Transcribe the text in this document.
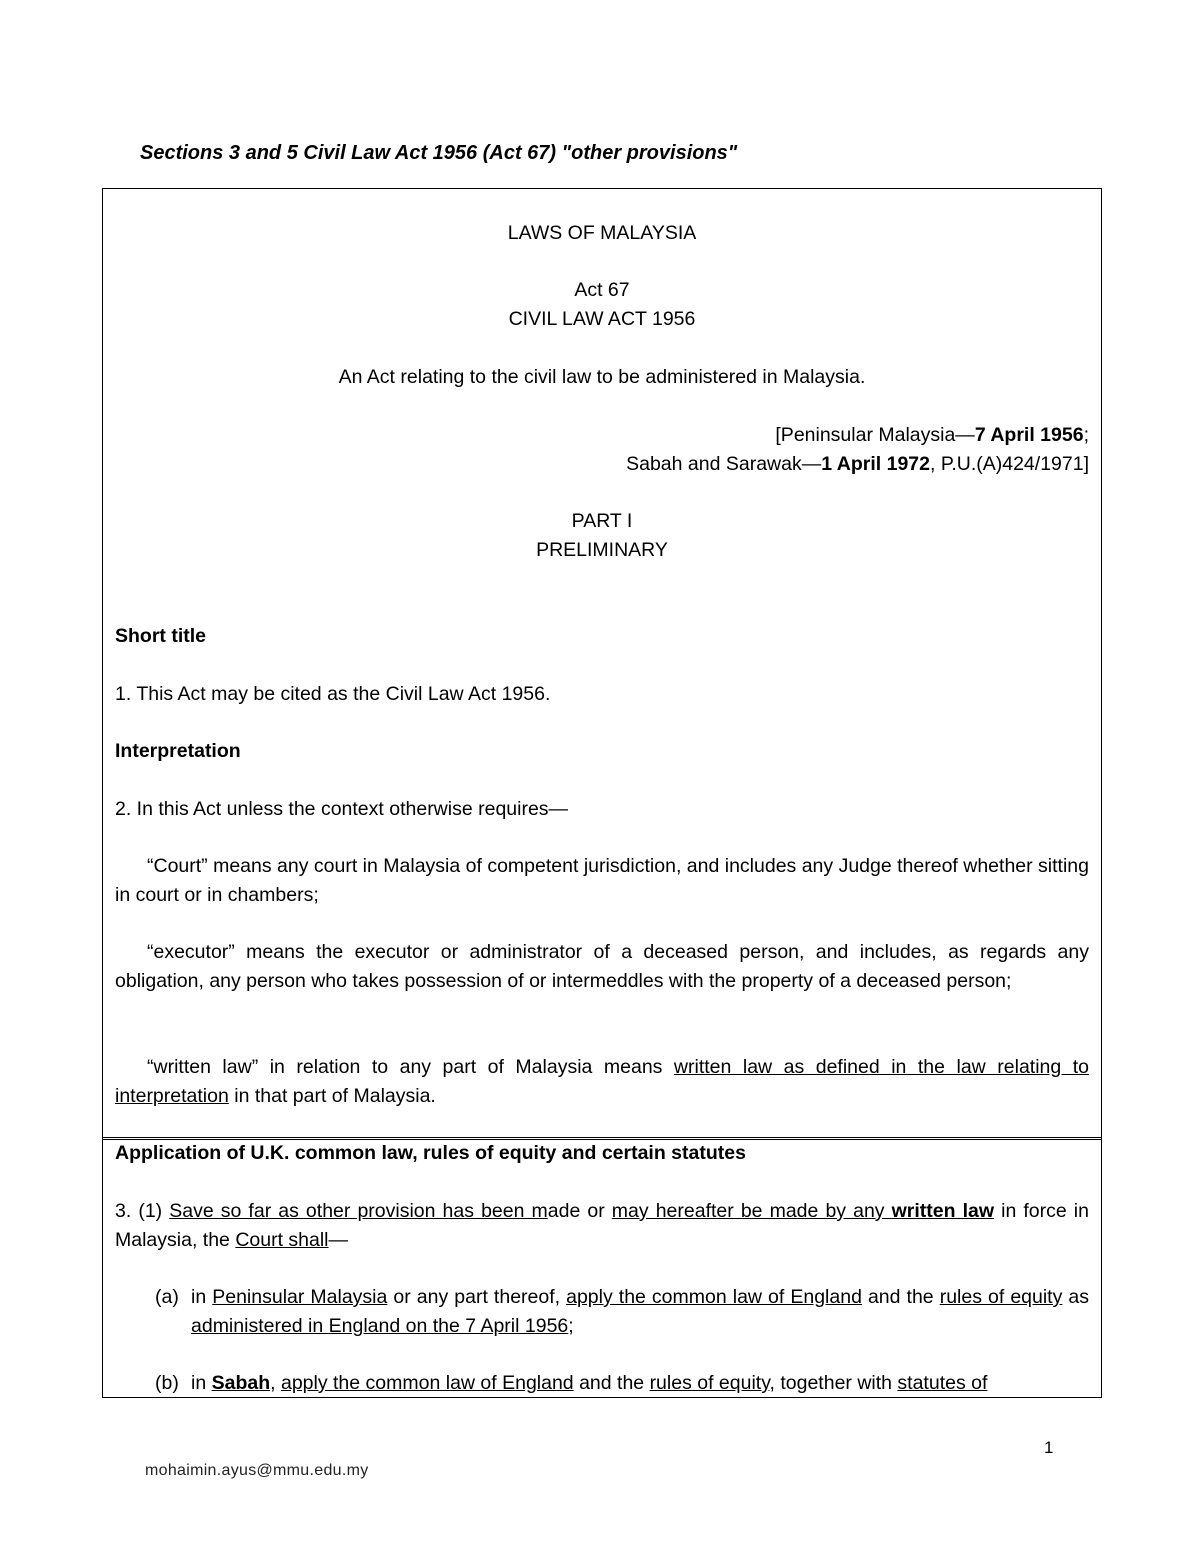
Sections 3 and 5 Civil Law Act 1956 (Act 67) "other provisions"
LAWS OF MALAYSIA
Act 67
CIVIL LAW ACT 1956
An Act relating to the civil law to be administered in Malaysia.
[Peninsular Malaysia—7 April 1956;
Sabah and Sarawak—1 April 1972, P.U.(A)424/1971]
PART I
PRELIMINARY
Short title
1. This Act may be cited as the Civil Law Act 1956.
Interpretation
2. In this Act unless the context otherwise requires—
“Court” means any court in Malaysia of competent jurisdiction, and includes any Judge thereof whether sitting in court or in chambers;
“executor” means the executor or administrator of a deceased person, and includes, as regards any obligation, any person who takes possession of or intermeddles with the property of a deceased person;
“written law” in relation to any part of Malaysia means written law as defined in the law relating to interpretation in that part of Malaysia.
Application of U.K. common law, rules of equity and certain statutes
3. (1) Save so far as other provision has been made or may hereafter be made by any written law in force in Malaysia, the Court shall—
(a) in Peninsular Malaysia or any part thereof, apply the common law of England and the rules of equity as administered in England on the 7 April 1956;
(b) in Sabah, apply the common law of England and the rules of equity, together with statutes of
1
mohaimin.ayus@mmu.edu.my
